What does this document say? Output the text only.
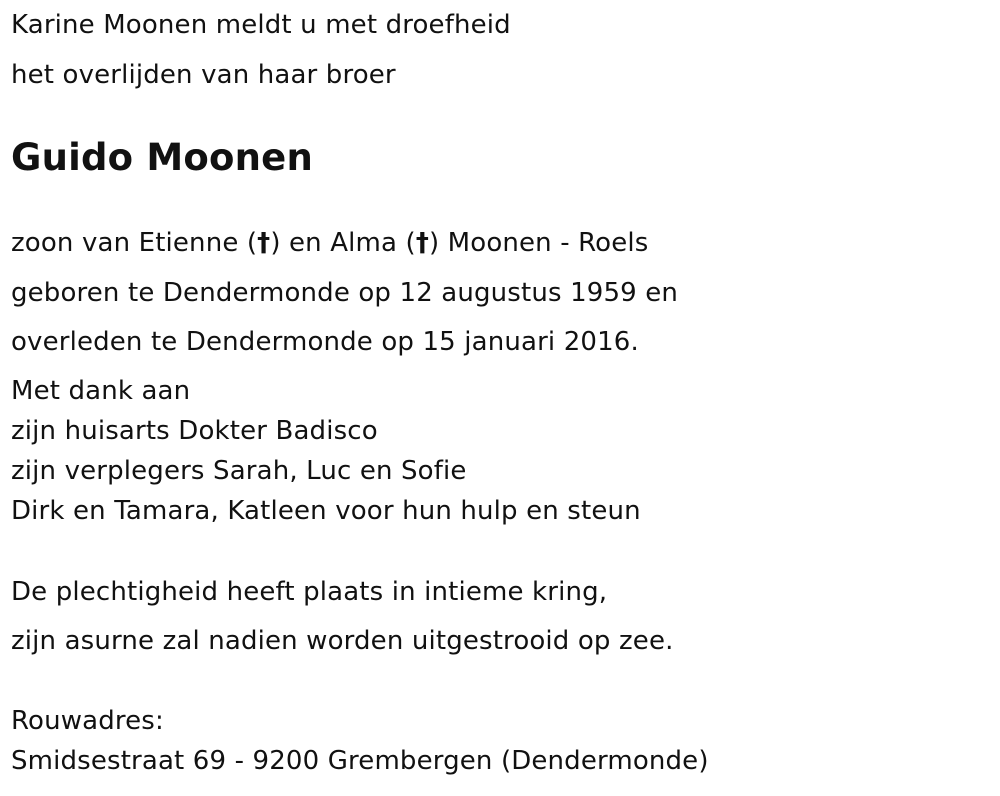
Karine Moonen meldt u met droefheid
het overlijden van haar broer
Guido Moonen
zoon van Etienne (†) en Alma (†) Moonen - Roels
geboren te Dendermonde op 12 augustus 1959 en
overleden te Dendermonde op 15 januari 2016.
Met dank aan
zijn huisarts Dokter Badisco
zijn verplegers Sarah, Luc en Sofie
Dirk en Tamara, Katleen voor hun hulp en steun
De plechtigheid heeft plaats in intieme kring,
zijn asurne zal nadien worden uitgestrooid op zee.
Rouwadres:
Smidsestraat 69 - 9200 Grembergen (Dendermonde)
